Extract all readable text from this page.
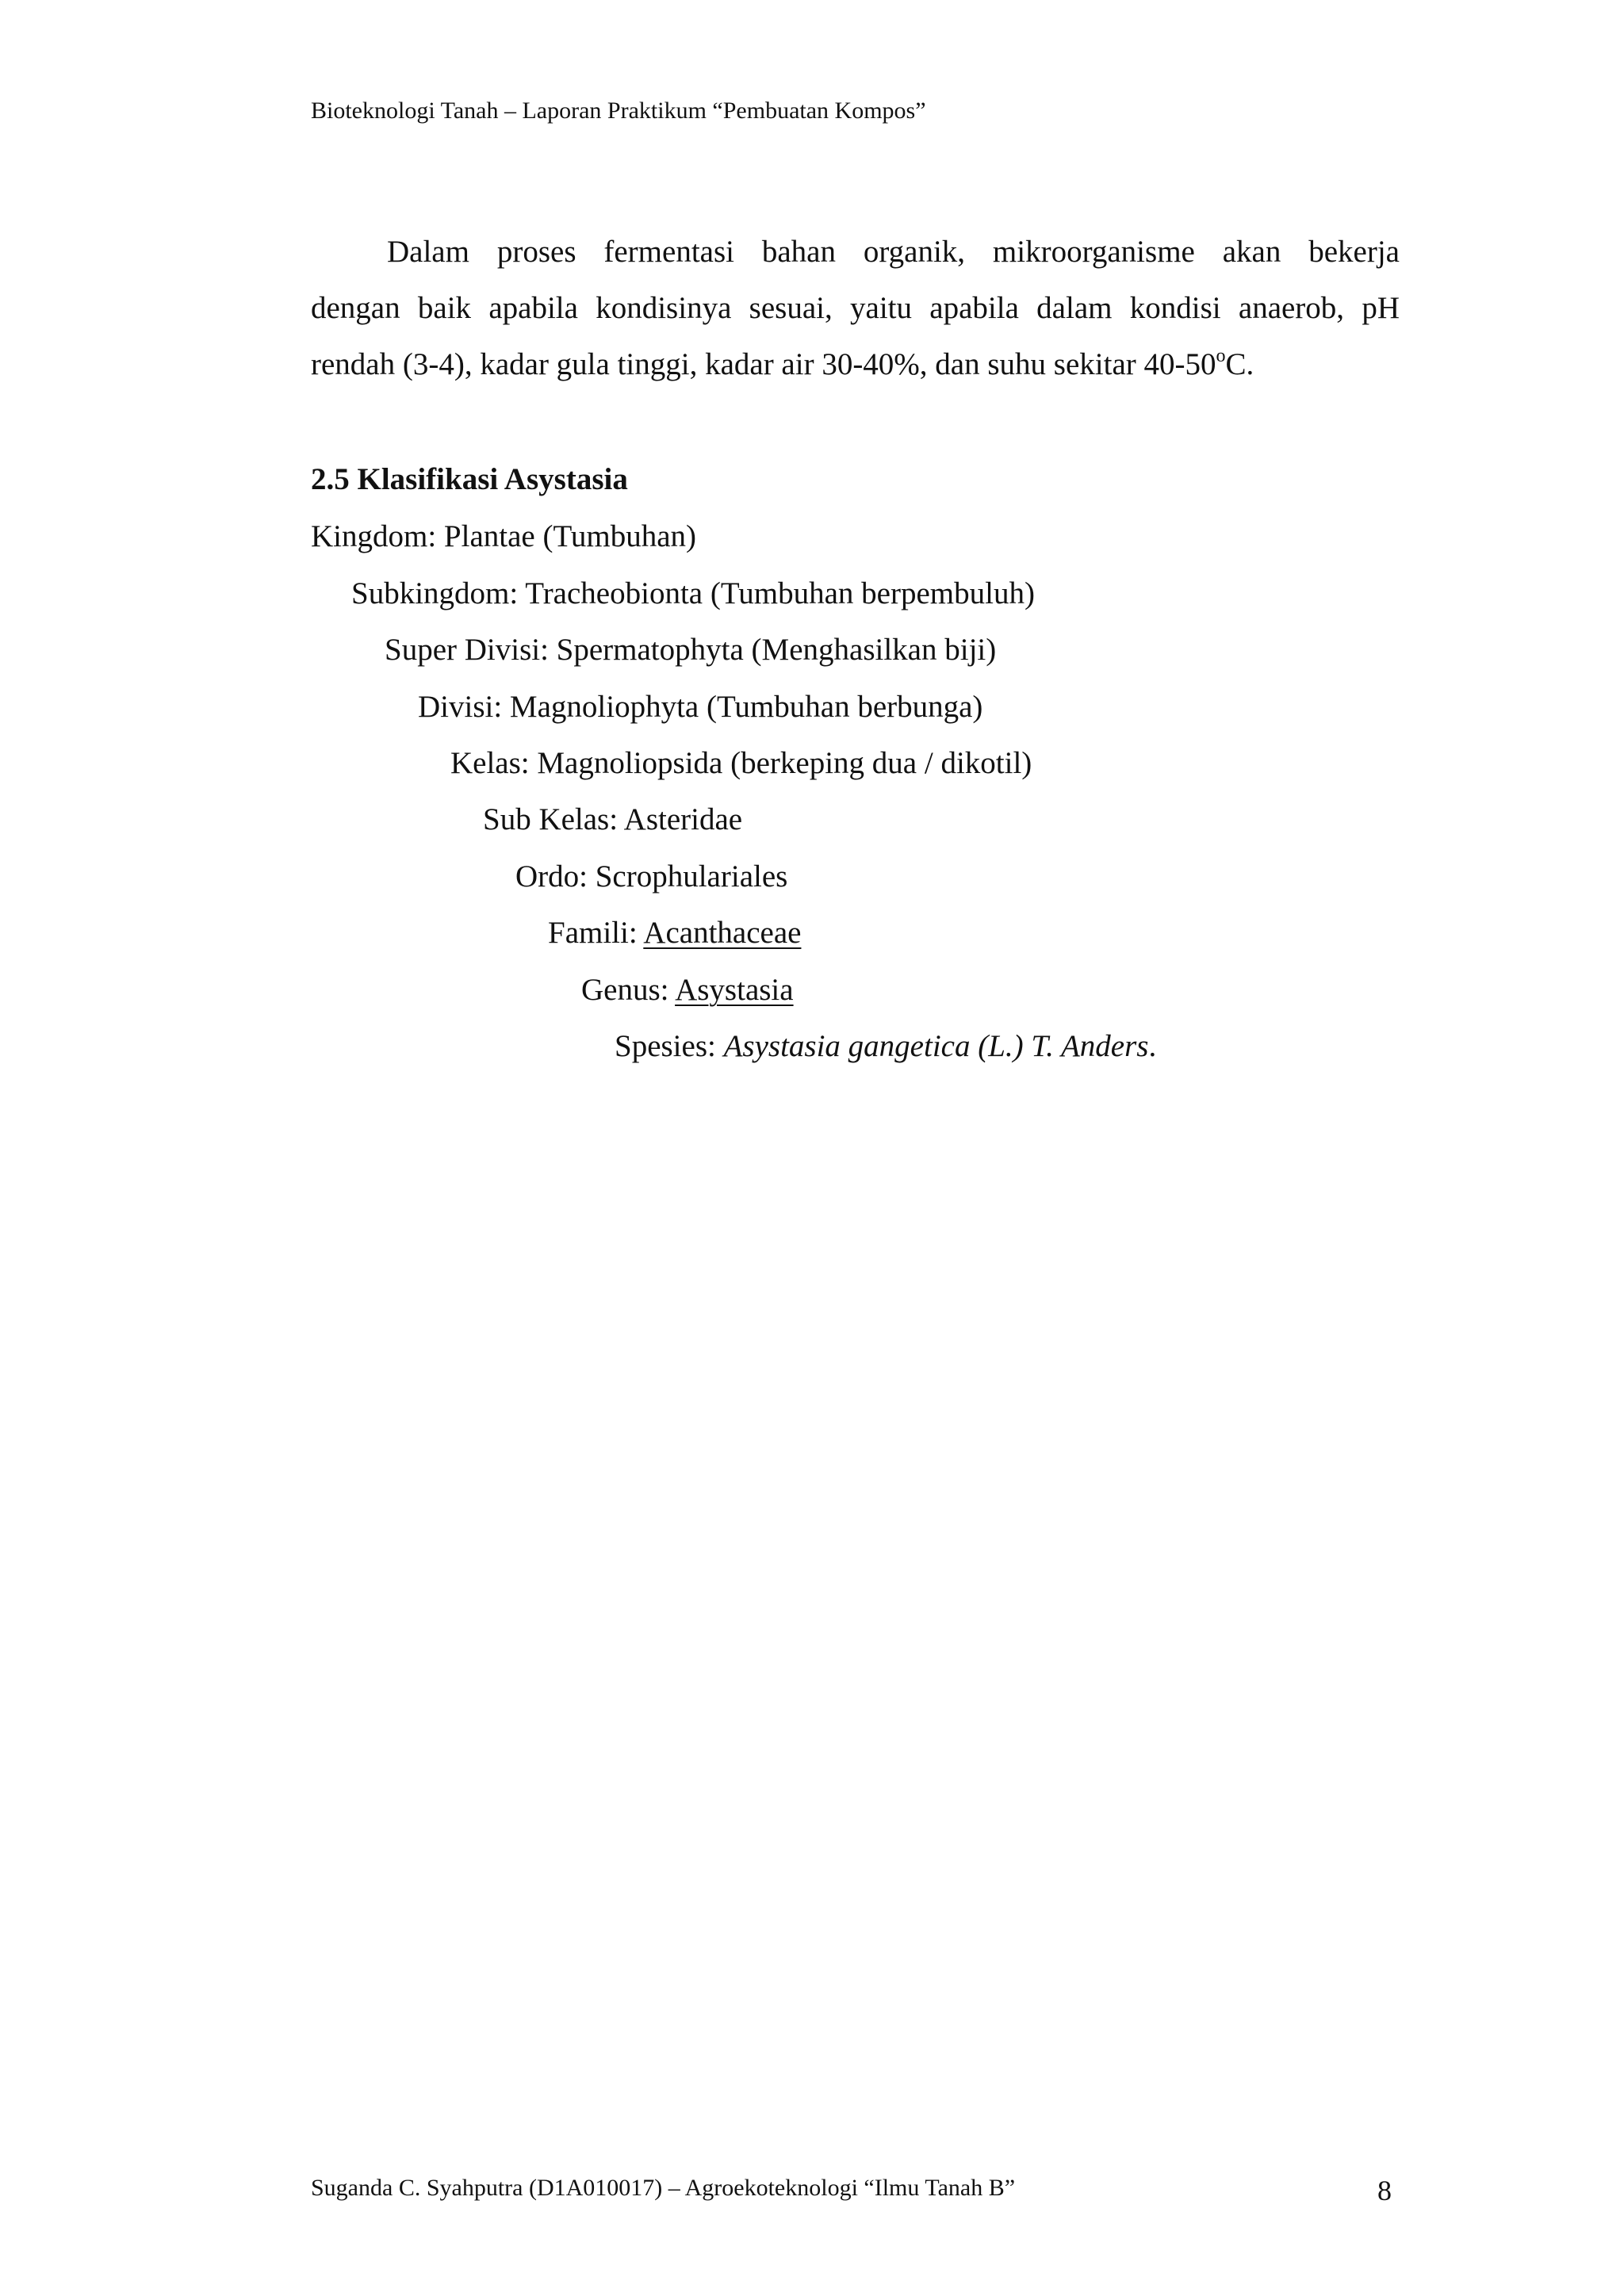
Bioteknologi Tanah – Laporan Praktikum “Pembuatan Kompos”
Dalam proses fermentasi bahan organik, mikroorganisme akan bekerja
dengan baik apabila kondisinya sesuai, yaitu apabila dalam kondisi anaerob, pH
rendah (3-4), kadar gula tinggi, kadar air 30-40%, dan suhu sekitar 40-50$^o$C.
2.5 Klasifikasi Asystasia
Kingdom: Plantae (Tumbuhan)
Subkingdom: Tracheobionta (Tumbuhan berpembuluh)
Super Divisi: Spermatophyta (Menghasilkan biji)
Divisi: Magnoliophyta (Tumbuhan berbunga)
Kelas: Magnoliopsida (berkeping dua / dikotil)
Sub Kelas: Asteridae
Ordo: Scrophulariales
Famili: Acanthaceae
Genus: Asystasia
Spesies: Asystasia gangetica (L.) T. Anders.
Suganda C. Syahputra (D1A010017) – Agroekoteknologi “Ilmu Tanah B”	8
